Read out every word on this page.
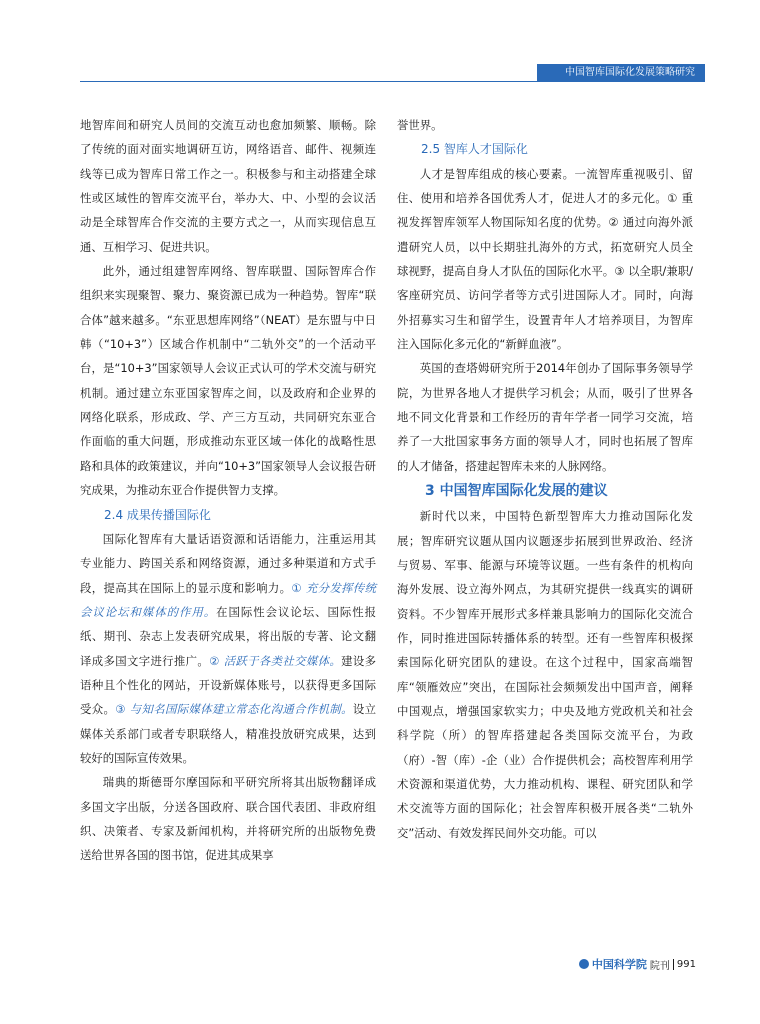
中国智库国际化发展策略研究

地智库间和研究人员间的交流互动也愈加频繁、顺畅。除了传统的面对面实地调研互访，网络语音、邮件、视频连线等已成为智库日常工作之一。积极参与和主动搭建全球性或区域性的智库交流平台，举办大、中、小型的会议活动是全球智库合作交流的主要方式之一，从而实现信息互通、互相学习、促进共识。

此外，通过组建智库网络、智库联盟、国际智库合作组织来实现聚智、聚力、聚资源已成为一种趋势。智库“联合体”越来越多。“东亚思想库网络”（NEAT）是东盟与中日韩（“10+3”）区域合作机制中“二轨外交”的一个活动平台，是“10+3”国家领导人会议正式认可的学术交流与研究机制。通过建立东亚国家智库之间，以及政府和企业界的网络化联系，形成政、学、产三方互动，共同研究东亚合作面临的重大问题，形成推动东亚区域一体化的战略性思路和具体的政策建议，并向“10+3”国家领导人会议报告研究成果，为推动东亚合作提供智力支撑。

2.4 成果传播国际化

国际化智库有大量话语资源和话语能力，注重运用其专业能力、跨国关系和网络资源，通过多种渠道和方式手段，提高其在国际上的显示度和影响力。① 充分发挥传统会议论坛和媒体的作用。在国际性会议论坛、国际性报纸、期刊、杂志上发表研究成果，将出版的专著、论文翻译成多国文字进行推广。② 活跃于各类社交媒体。建设多语种且个性化的网站，开设新媒体账号，以获得更多国际受众。③ 与知名国际媒体建立常态化沟通合作机制。设立媒体关系部门或者专职联络人，精准投放研究成果，达到较好的国际宣传效果。

瑞典的斯德哥尔摩国际和平研究所将其出版物翻译成多国文字出版，分送各国政府、联合国代表团、非政府组织、决策者、专家及新闻机构，并将研究所的出版物免费送给世界各国的图书馆，促进其成果享

誉世界。

2.5 智库人才国际化

人才是智库组成的核心要素。一流智库重视吸引、留住、使用和培养各国优秀人才，促进人才的多元化。① 重视发挥智库领军人物国际知名度的优势。② 通过向海外派遣研究人员，以中长期驻扎海外的方式，拓宽研究人员全球视野，提高自身人才队伍的国际化水平。③ 以全职/兼职/客座研究员、访问学者等方式引进国际人才。同时，向海外招募实习生和留学生，设置青年人才培养项目，为智库注入国际化多元化的“新鲜血液”。

英国的查塔姆研究所于2014年创办了国际事务领导学院，为世界各地人才提供学习机会；从而，吸引了世界各地不同文化背景和工作经历的青年学者一同学习交流，培养了一大批国家事务方面的领导人才，同时也拓展了智库的人才储备，搭建起智库未来的人脉网络。

3 中国智库国际化发展的建议

新时代以来，中国特色新型智库大力推动国际化发展；智库研究议题从国内议题逐步拓展到世界政治、经济与贸易、军事、能源与环境等议题。一些有条件的机构向海外发展、设立海外网点，为其研究提供一线真实的调研资料。不少智库开展形式多样兼具影响力的国际化交流合作，同时推进国际转播体系的转型。还有一些智库积极探索国际化研究团队的建设。在这个过程中，国家高端智库“领雁效应”突出，在国际社会频频发出中国声音，阐释中国观点，增强国家软实力；中央及地方党政机关和社会科学院（所）的智库搭建起各类国际交流平台，为政（府）-智（库）-企（业）合作提供机会；高校智库利用学术资源和渠道优势，大力推动机构、课程、研究团队和学术交流等方面的国际化；社会智库积极开展各类“二轨外交”活动、有效发挥民间外交功能。可以

中国科学院 院刊 991
